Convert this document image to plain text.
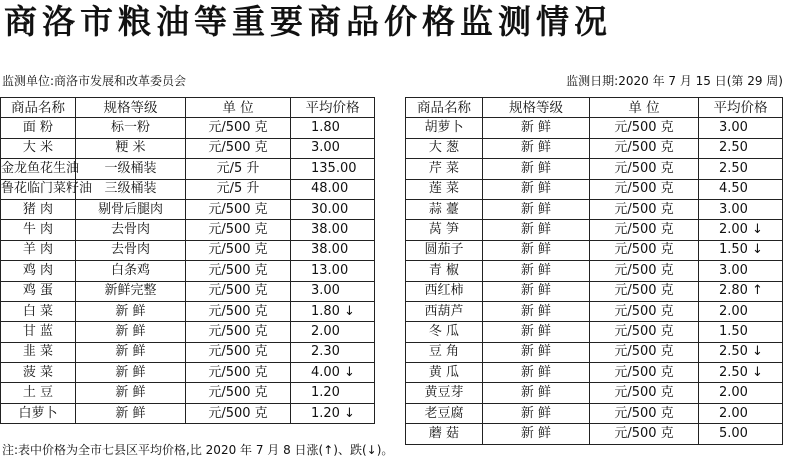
商洛市粮油等重要商品价格监测情况
监测单位:商洛市发展和改革委员会	监测日期:2020 年 7 月 15 日(第 29 周)
商品名称	规格等级	单 位	平均价格
面 粉	标一粉	元/500 克	1.80
大 米	粳 米	元/500 克	3.00
金龙鱼花生油	一级桶装	元/5 升	135.00
鲁花临门菜籽油	三级桶装	元/5 升	48.00
猪 肉	剔骨后腿肉	元/500 克	30.00
牛 肉	去骨肉	元/500 克	38.00
羊 肉	去骨肉	元/500 克	38.00
鸡 肉	白条鸡	元/500 克	13.00
鸡 蛋	新鲜完整	元/500 克	3.00
白 菜	新 鲜	元/500 克	1.80 ↓
甘 蓝	新 鲜	元/500 克	2.00
韭 菜	新 鲜	元/500 克	2.30
菠 菜	新 鲜	元/500 克	4.00 ↓
土 豆	新 鲜	元/500 克	1.20
白萝卜	新 鲜	元/500 克	1.20 ↓
商品名称	规格等级	单 位	平均价格
胡萝卜	新 鲜	元/500 克	3.00
大 葱	新 鲜	元/500 克	2.50
芹 菜	新 鲜	元/500 克	2.50
莲 菜	新 鲜	元/500 克	4.50
蒜 薹	新 鲜	元/500 克	3.00
莴 笋	新 鲜	元/500 克	2.00 ↓
圆茄子	新 鲜	元/500 克	1.50 ↓
青 椒	新 鲜	元/500 克	3.00
西红柿	新 鲜	元/500 克	2.80 ↑
西葫芦	新 鲜	元/500 克	2.00
冬 瓜	新 鲜	元/500 克	1.50
豆 角	新 鲜	元/500 克	2.50 ↓
黄 瓜	新 鲜	元/500 克	2.50 ↓
黄豆芽	新 鲜	元/500 克	2.00
老豆腐	新 鲜	元/500 克	2.00
蘑 菇	新 鲜	元/500 克	5.00
注:表中价格为全市七县区平均价格,比 2020 年 7 月 8 日涨(↑)、跌(↓)。
